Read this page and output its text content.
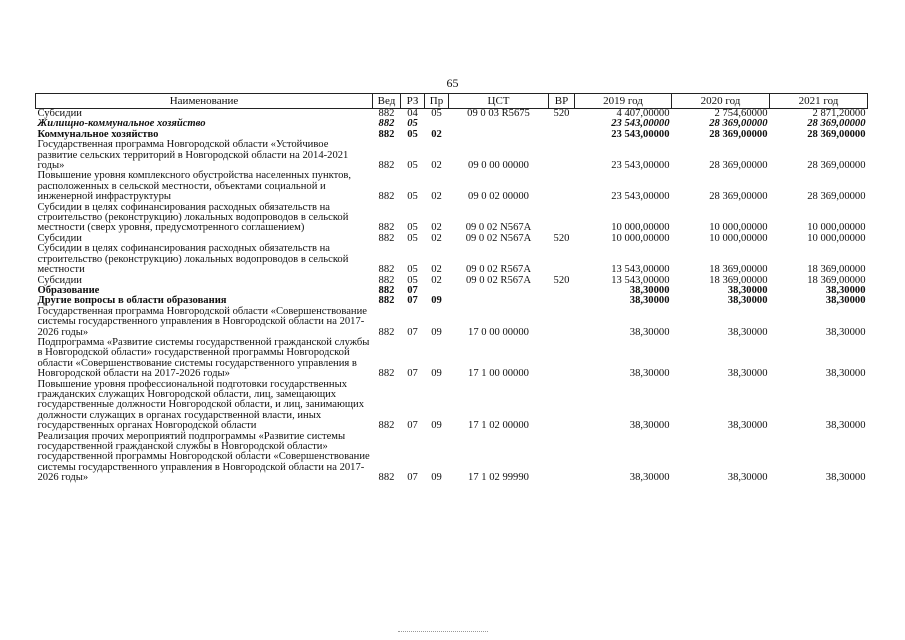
65
Наименование	Вед	РЗ	Пр	ЦСТ	ВР	2019 год	2020 год	2021 год
Субсидии	882	04	05	09 0 03 R5675	520	4 407,00000	2 754,60000	2 871,20000
Жилищно-коммунальное хозяйство	882	05				23 543,00000	28 369,00000	28 369,00000
Коммунальное хозяйство	882	05	02			23 543,00000	28 369,00000	28 369,00000
Государственная программа Новгородской области «Устойчивое развитие сельских территорий в Новгородской области на 2014-2021 годы»	882	05	02	09 0 00 00000		23 543,00000	28 369,00000	28 369,00000
Повышение уровня комплексного обустройства населенных пунктов, расположенных в сельской местности, объектами социальной и инженерной инфраструктуры	882	05	02	09 0 02 00000		23 543,00000	28 369,00000	28 369,00000
Субсидии в целях софинансирования расходных обязательств на строительство (реконструкцию) локальных водопроводов в сельской местности (сверх уровня, предусмотренного соглашением)	882	05	02	09 0 02 N567A		10 000,00000	10 000,00000	10 000,00000
Субсидии	882	05	02	09 0 02 N567A	520	10 000,00000	10 000,00000	10 000,00000
Субсидии в целях софинансирования расходных обязательств на строительство (реконструкцию) локальных водопроводов в сельской местности	882	05	02	09 0 02 R567A		13 543,00000	18 369,00000	18 369,00000
Субсидии	882	05	02	09 0 02 R567A	520	13 543,00000	18 369,00000	18 369,00000
Образование	882	07				38,30000	38,30000	38,30000
Другие вопросы в области образования	882	07	09			38,30000	38,30000	38,30000
Государственная программа Новгородской области «Совершенствование системы государственного управления в Новгородской области на 2017-2026 годы»	882	07	09	17 0 00 00000		38,30000	38,30000	38,30000
Подпрограмма «Развитие системы государственной гражданской службы в Новгородской области» государственной программы Новгородской области «Совершенствование системы государственного управления в Новгородской области на 2017-2026 годы»	882	07	09	17 1 00 00000		38,30000	38,30000	38,30000
Повышение уровня профессиональной подготовки государственных гражданских служащих Новгородской области, лиц, замещающих государственные должности Новгородской области, и лиц, занимающих должности служащих в органах государственной власти, иных государственных органах Новгородской области	882	07	09	17 1 02 00000		38,30000	38,30000	38,30000
Реализация прочих мероприятий подпрограммы «Развитие системы государственной гражданской службы в Новгородской области» государственной программы Новгородской области «Совершенствование системы государственного управления в Новгородской области на 2017-2026 годы»	882	07	09	17 1 02 99990		38,30000	38,30000	38,30000
